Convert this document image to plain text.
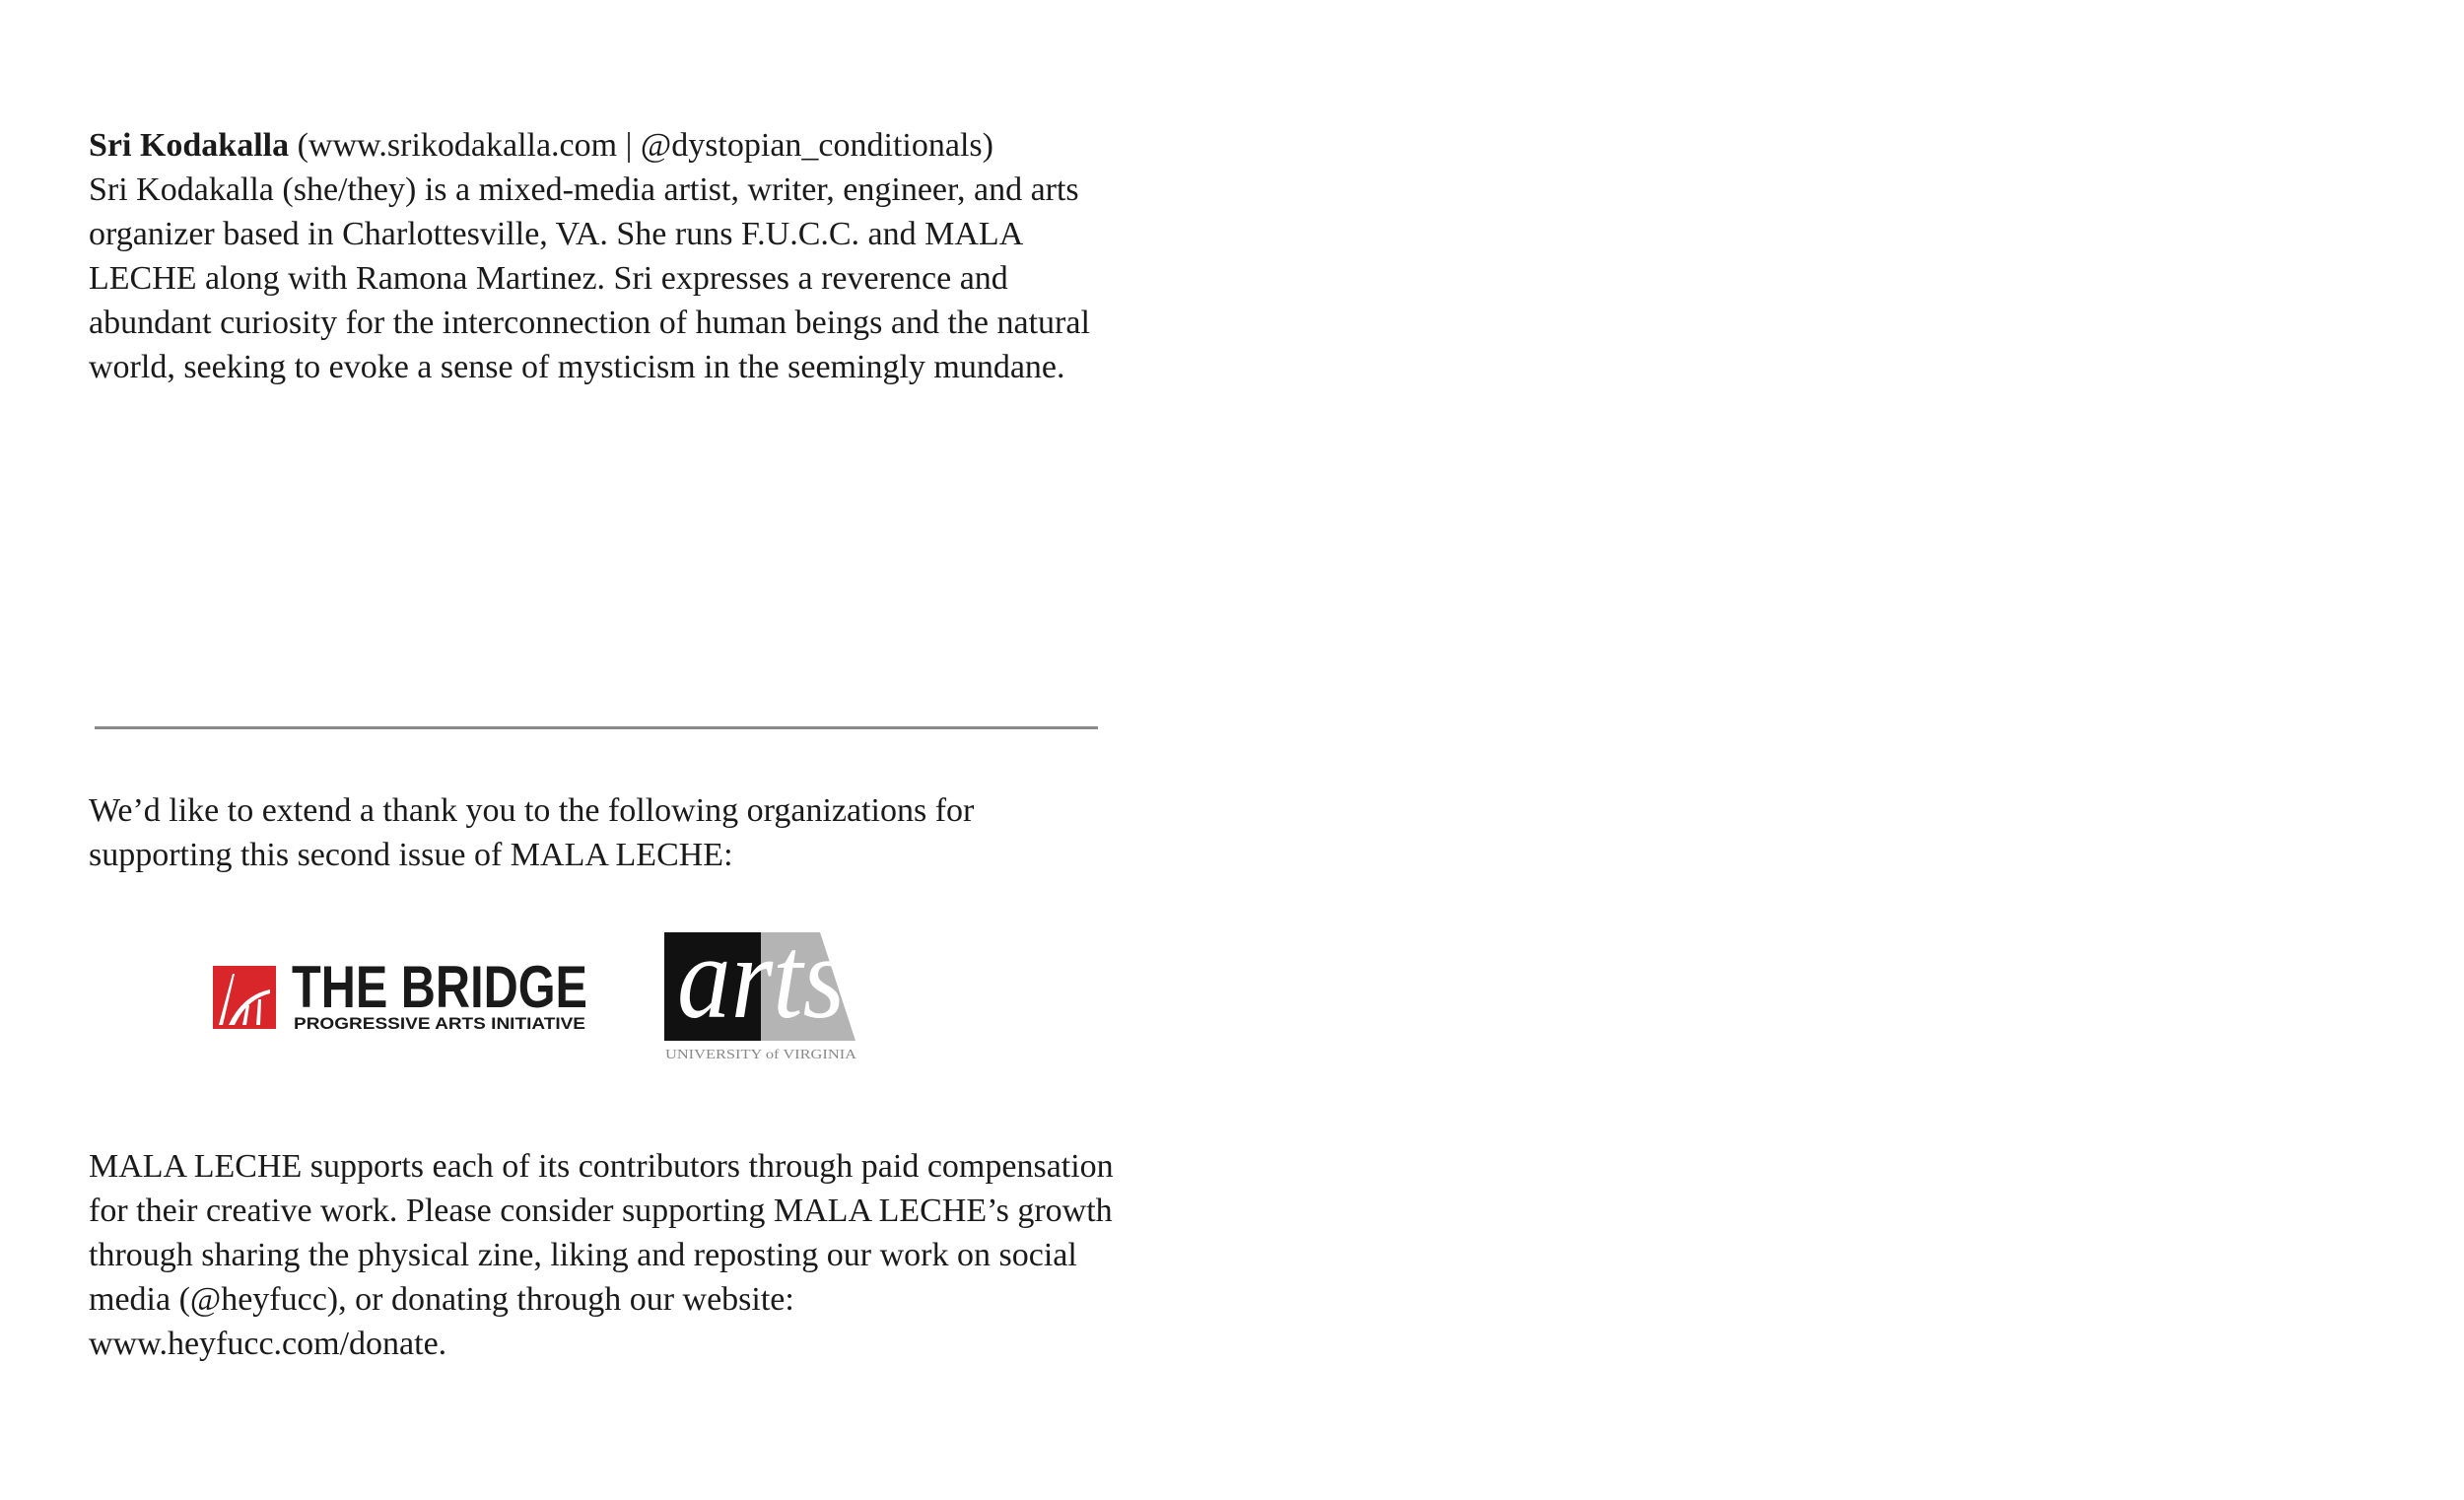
Sri Kodakalla (www.srikodakalla.com | @dystopian_conditionals)
Sri Kodakalla (she/they) is a mixed-media artist, writer, engineer, and arts organizer based in Charlottesville, VA. She runs F.U.C.C. and MALA LECHE along with Ramona Martinez. Sri expresses a reverence and abundant curiosity for the interconnection of human beings and the natural world, seeking to evoke a sense of mysticism in the seemingly mundane.

We’d like to extend a thank you to the following organizations for supporting this second issue of MALA LECHE:

THE BRIDGE
PROGRESSIVE ARTS INITIATIVE arts
UNIVERSITY of VIRGINIA

MALA LECHE supports each of its contributors through paid compensation for their creative work. Please consider supporting MALA LECHE’s growth through sharing the physical zine, liking and reposting our work on social media (@heyfucc), or donating through our website: www.heyfucc.com/donate.
